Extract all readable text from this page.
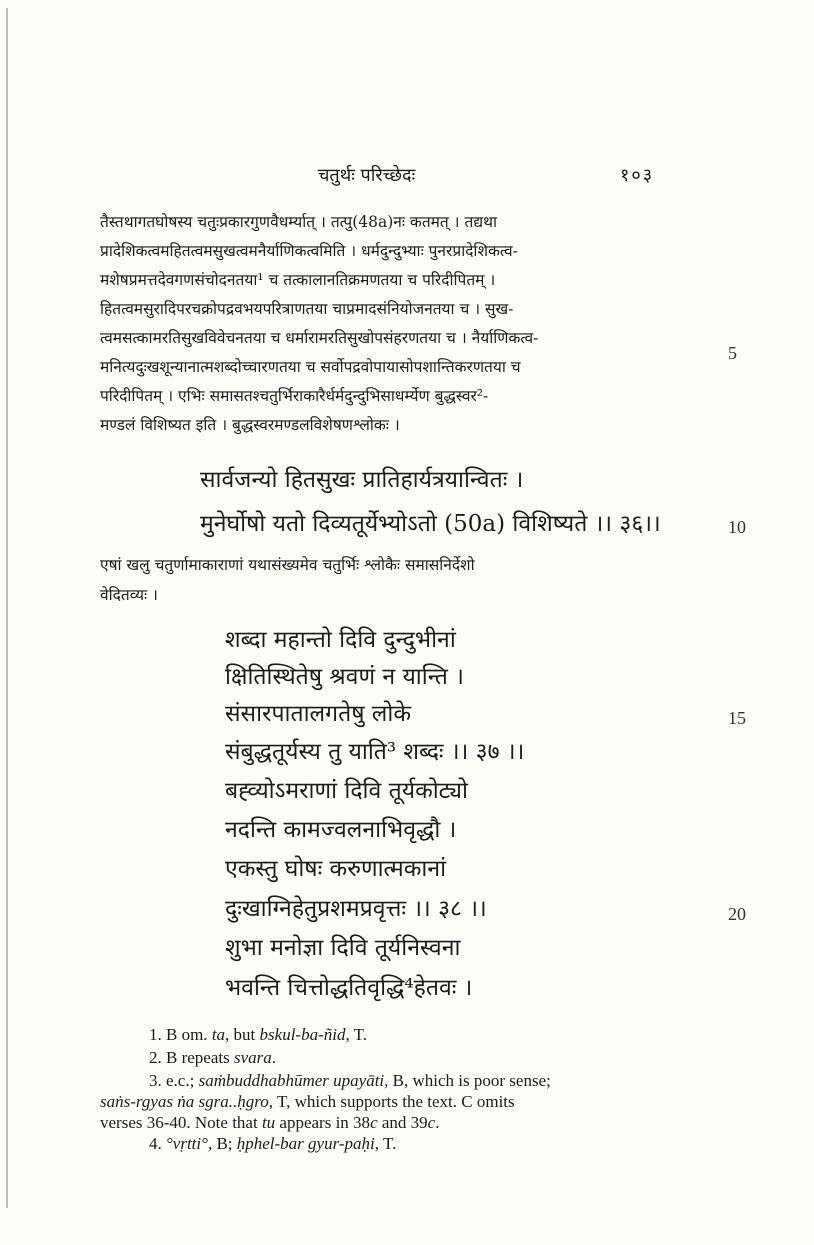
चतुर्थः परिच्छेदः	१०३
तैस्तथागतघोषस्य चतुःप्रकारगुणवैधर्म्यात् । तत्पु(48a)नः कतमत् । तद्यथा
प्रादेशिकत्वमहितत्वमसुखत्वमनैर्याणिकत्वमिति । धर्मदुन्दुभ्याः पुनरप्रादेशिकत्व-
मशेषप्रमत्तदेवगणसंचोदनतया¹ च तत्कालानतिक्रमणतया च परिदीपितम् ।
हितत्वमसुरादिपरचक्रोपद्रवभयपरित्राणतया चाप्रमादसंनियोजनतया च । सुख-
त्वमसत्कामरतिसुखविवेचनतया च धर्मारामरतिसुखोपसंहरणतया च । नैर्याणिकत्व-
मनित्यदुःखशून्यानात्मशब्दोच्चारणतया च सर्वोपद्रवोपायासोपशान्तिकरणतया च
परिदीपितम् । एभिः समासतश्चतुर्भिराकारैर्धर्मदुन्दुभिसाधर्म्येण बुद्धस्वर²-
मण्डलं विशिष्यत इति । बुद्धस्वरमण्डलविशेषणश्लोकः ।
5
सार्वजन्यो हितसुखः प्रातिहार्यत्रयान्वितः ।
मुनेर्घोषो यतो दिव्यतूर्येभ्योऽतो (50a) विशिष्यते ।। ३६।।	10
एषां खलु चतुर्णामाकाराणां यथासंख्यमेव चतुर्भिः श्लोकैः समासनिर्देशो
वेदितव्यः ।
शब्दा महान्तो दिवि दुन्दुभीनां
क्षितिस्थितेषु श्रवणं न यान्ति ।
संसारपातालगतेषु लोके	15
संबुद्धतूर्यस्य तु याति³ शब्दः ।। ३७ ।।
बह्व्योऽमराणां दिवि तूर्यकोट्यो
नदन्ति कामज्वलनाभिवृद्धौ ।
एकस्तु घोषः करुणात्मकानां
दुःखाग्निहेतुप्रशमप्रवृत्तः ।। ३८ ।।	20
शुभा मनोज्ञा दिवि तूर्यनिस्वना
भवन्ति चित्तोद्धतिवृद्धि⁴हेतवः ।
1. B om. ta, but bskul-ba-ñid, T.
2. B repeats svara.
3. e.c.; saṁbuddhabhūmer upayāti, B, which is poor sense;
saṅs-rgyas ṅa sgra..ḥgro, T, which supports the text. C omits
verses 36-40. Note that tu appears in 38c and 39c.
4. °vṛtti°, B; ḥphel-bar gyur-paḥi, T.
